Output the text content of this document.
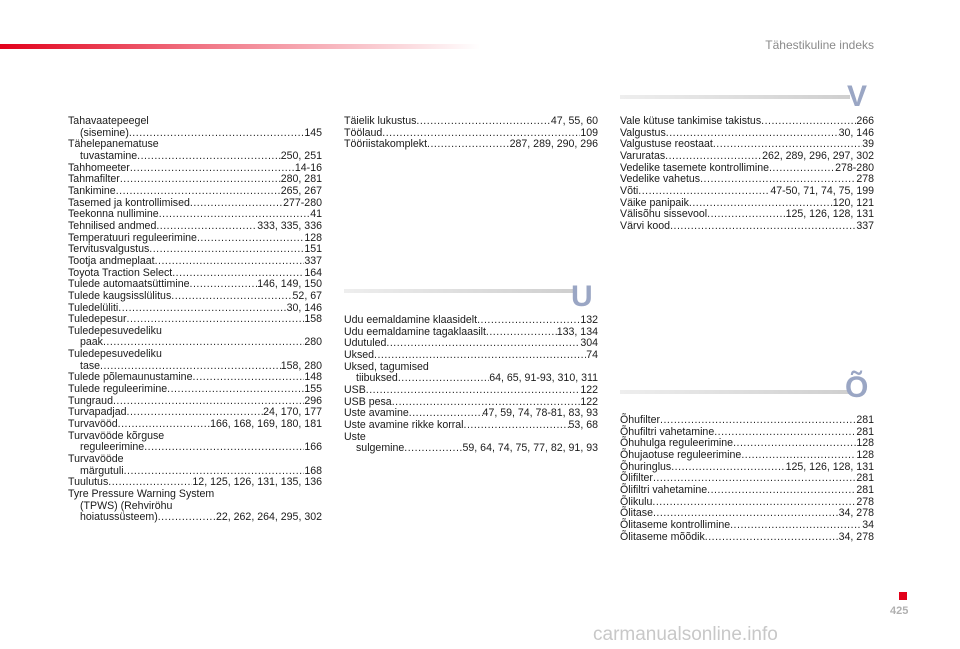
Tähestikuline indeks
V
U
Õ
Tahavaatepeegel
(sisemine) .....	145
Tähelepanematuse
tuvastamine .....	250, 251
Tahhomeeter .....	14-16
Tahmafilter .....	280, 281
Tankimine .....	265, 267
Tasemed ja kontrollimised .....	277-280
Teekonna nullimine .....	41
Tehnilised andmed .....	333, 335, 336
Temperatuuri reguleerimine .....	128
Tervitusvalgustus .....	151
Tootja andmeplaat .....	337
Toyota Traction Select .....	164
Tulede automaatsüttimine .....	146, 149, 150
Tulede kaugsisslülitus .....	52, 67
Tuledelüliti .....	30, 146
Tuledepesur .....	158
Tuledepesuvedeliku
paak .....	280
Tuledepesuvedeliku
tase .....	158, 280
Tulede põlemaunustamine .....	148
Tulede reguleerimine .....	155
Tungraud .....	296
Turvapadjad .....	24, 170, 177
Turvavööd .....	166, 168, 169, 180, 181
Turvavööde kõrguse
reguleerimine .....	166
Turvavööde
märgutuli .....	168
Tuulutus .....	12, 125, 126, 131, 135, 136
Tyre Pressure Warning System
(TPWS) (Rehviröhu
hoiatussüsteem) .....	22, 262, 264, 295, 302
Täielik lukustus .....	47, 55, 60
Töölaud .....	109
Tööriistakomplekt .....	287, 289, 290, 296
Udu eemaldamine klaasidelt .....	132
Udu eemaldamine tagaklaasilt .....	133, 134
Udutuled .....	304
Uksed .....	74
Uksed, tagumised
tiibuksed .....	64, 65, 91-93, 310, 311
USB .....	122
USB pesa .....	122
Uste avamine .....	47, 59, 74, 78-81, 83, 93
Uste avamine rikke korral .....	53, 68
Uste
sulgemine .....	59, 64, 74, 75, 77, 82, 91, 93
Vale kütuse tankimise takistus .....	266
Valgustus .....	30, 146
Valgustuse reostaat .....	39
Varuratas .....	262, 289, 296, 297, 302
Vedelike tasemete kontrollimine .....	278-280
Vedelike vahetus .....	278
Võti .....	47-50, 71, 74, 75, 199
Väike panipaik .....	120, 121
Välisõhu sissevool .....	125, 126, 128, 131
Värvi kood .....	337
Õhufilter .....	281
Õhufiltri vahetamine .....	281
Õhuhulga reguleerimine .....	128
Õhujaotuse reguleerimine .....	128
Õhuringlus .....	125, 126, 128, 131
Õlifilter .....	281
Õlifiltri vahetamine .....	281
Õlikulu .....	278
Õlitase .....	34, 278
Õlitaseme kontrollimine .....	34
Õlitaseme mõõdik .....	34, 278
425
carmanualsonline.info
